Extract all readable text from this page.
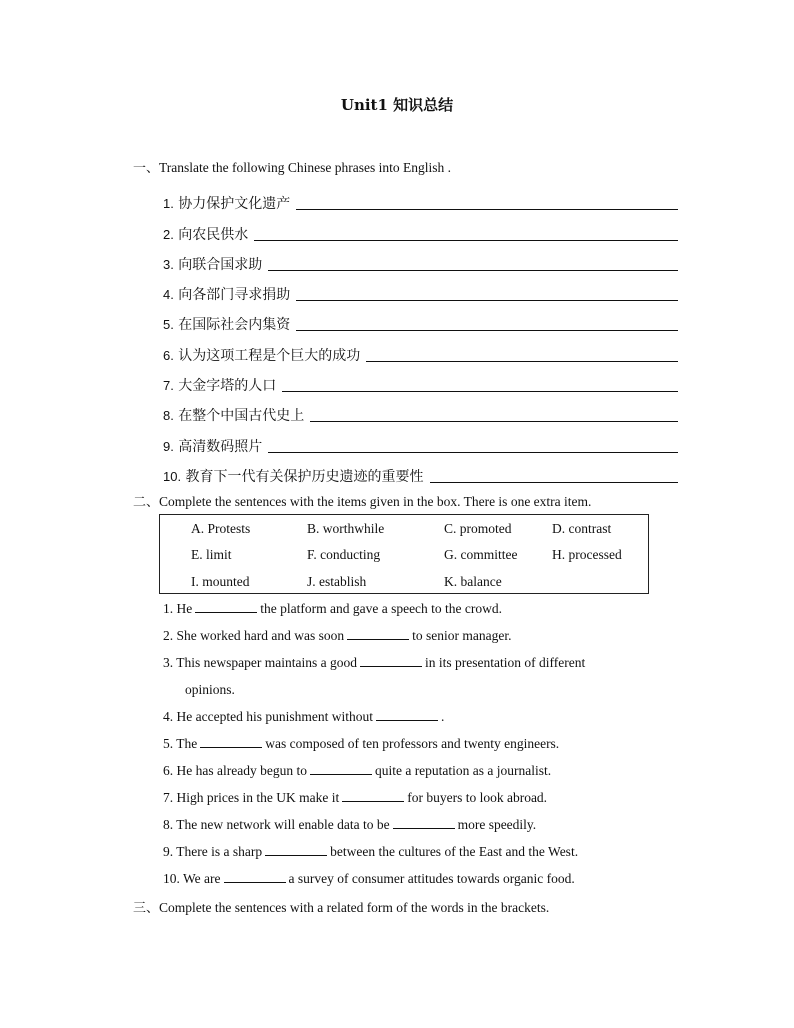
Unit1 知识总结
一、Translate the following Chinese phrases into English .
1. 协力保护文化遗产
2. 向农民供水
3. 向联合国求助
4. 向各部门寻求捐助
5. 在国际社会内集资
6. 认为这项工程是个巨大的成功
7. 大金字塔的人口
8. 在整个中国古代史上
9. 高清数码照片
10. 教育下一代有关保护历史遗迹的重要性
二、Complete the sentences with the items given in the box. There is one extra item.
A. Protests	B. worthwhile	C. promoted	D. contrast
E. limit	F. conducting	G. committee	H. processed
I. mounted	J. establish	K. balance
1. He	the platform and gave a speech to the crowd.
2. She worked hard and was soon	to senior manager.
3. This newspaper maintains a good	in its presentation of different
opinions.
4. He accepted his punishment without	.
5. The	was composed of ten professors and twenty engineers.
6. He has already begun to	quite a reputation as a journalist.
7. High prices in the UK make it	for buyers to look abroad.
8. The new network will enable data to be	more speedily.
9. There is a sharp	between the cultures of the East and the West.
10. We are	a survey of consumer attitudes towards organic food.
三、Complete the sentences with a related form of the words in the brackets.
